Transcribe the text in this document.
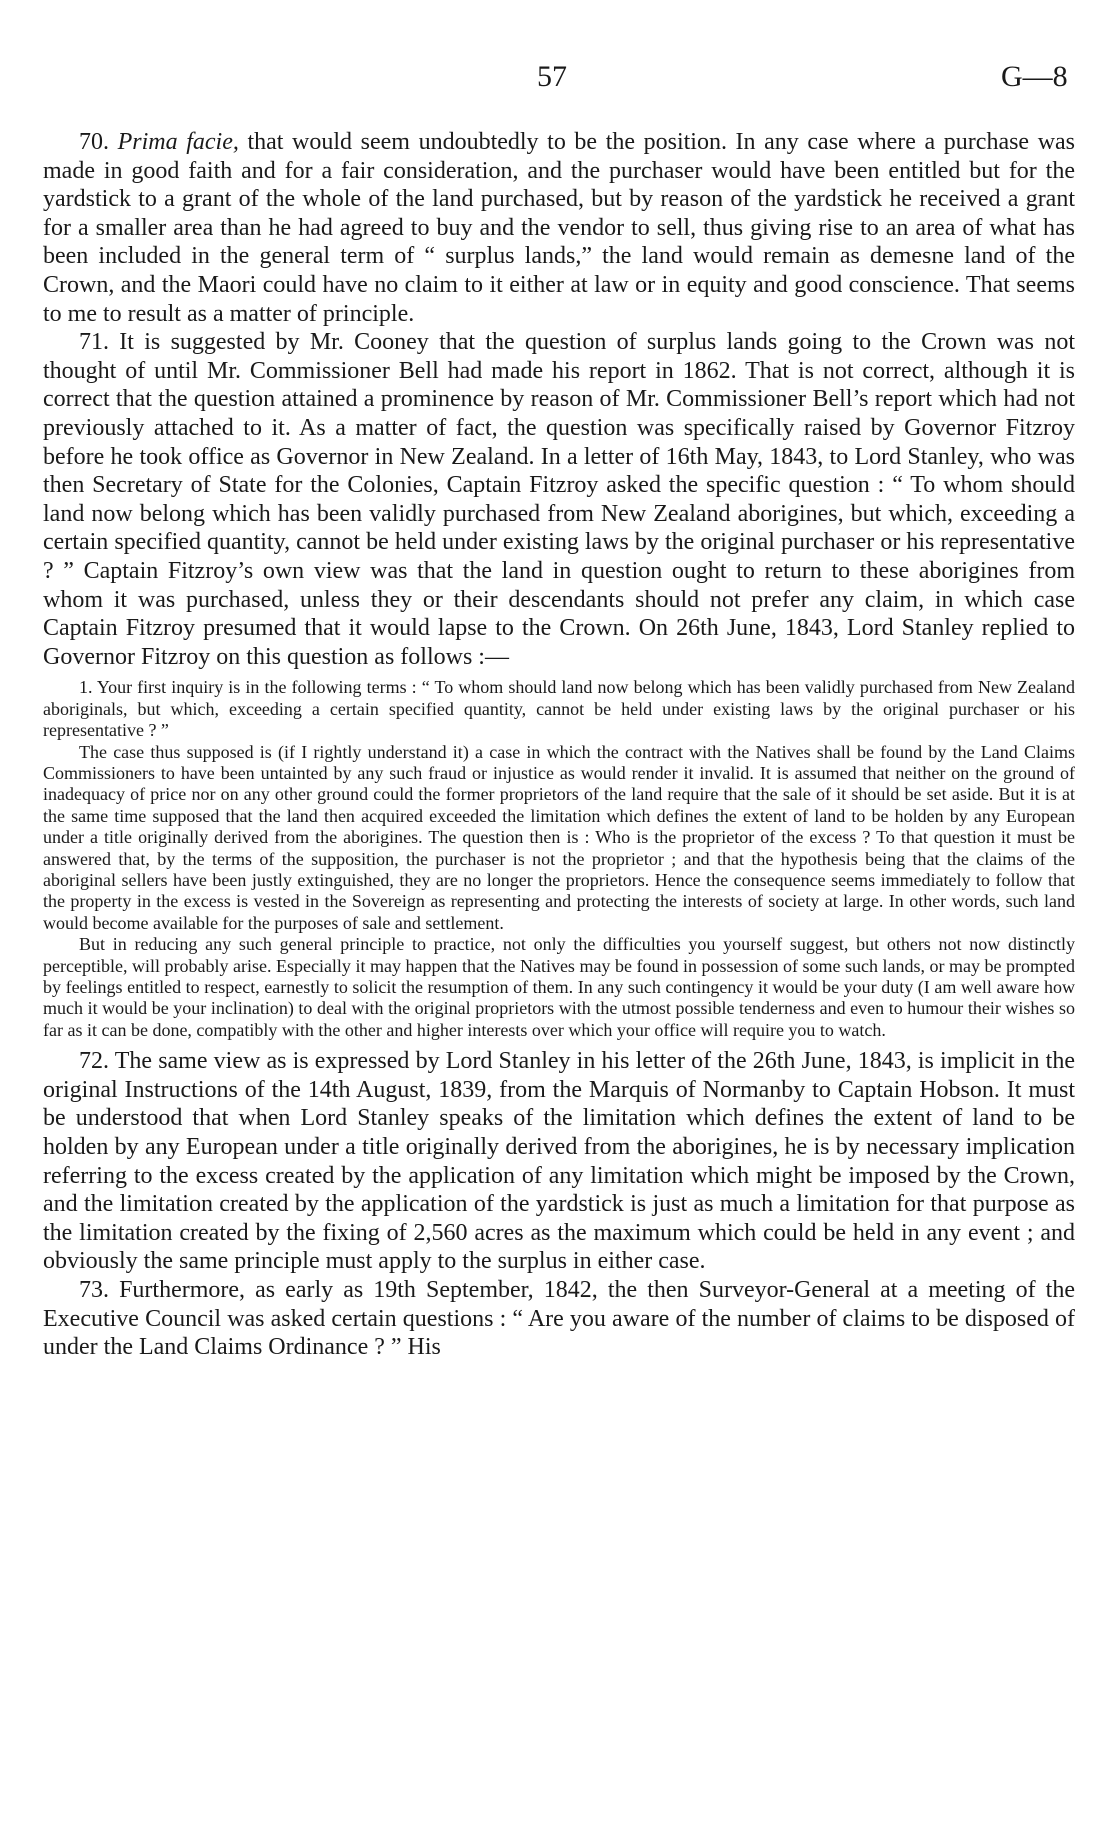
57	G—8

70. Prima facie, that would seem undoubtedly to be the position. In any case where a purchase was made in good faith and for a fair consideration, and the purchaser would have been entitled but for the yardstick to a grant of the whole of the land purchased, but by reason of the yardstick he received a grant for a smaller area than he had agreed to buy and the vendor to sell, thus giving rise to an area of what has been included in the general term of “ surplus lands,” the land would remain as demesne land of the Crown, and the Maori could have no claim to it either at law or in equity and good conscience. That seems to me to result as a matter of principle.

71. It is suggested by Mr. Cooney that the question of surplus lands going to the Crown was not thought of until Mr. Commissioner Bell had made his report in 1862. That is not correct, although it is correct that the question attained a prominence by reason of Mr. Commissioner Bell’s report which had not previously attached to it. As a matter of fact, the question was specifically raised by Governor Fitzroy before he took office as Governor in New Zealand. In a letter of 16th May, 1843, to Lord Stanley, who was then Secretary of State for the Colonies, Captain Fitzroy asked the specific question : “ To whom should land now belong which has been validly purchased from New Zealand aborigines, but which, exceeding a certain specified quantity, cannot be held under existing laws by the original purchaser or his representative ? ” Captain Fitzroy’s own view was that the land in question ought to return to these aborigines from whom it was purchased, unless they or their descendants should not prefer any claim, in which case Captain Fitzroy presumed that it would lapse to the Crown. On 26th June, 1843, Lord Stanley replied to Governor Fitzroy on this question as follows :—

1. Your first inquiry is in the following terms : “ To whom should land now belong which has been validly purchased from New Zealand aboriginals, but which, exceeding a certain specified quantity, cannot be held under existing laws by the original purchaser or his representative ? ”

The case thus supposed is (if I rightly understand it) a case in which the contract with the Natives shall be found by the Land Claims Commissioners to have been untainted by any such fraud or injustice as would render it invalid. It is assumed that neither on the ground of inadequacy of price nor on any other ground could the former proprietors of the land require that the sale of it should be set aside. But it is at the same time supposed that the land then acquired exceeded the limitation which defines the extent of land to be holden by any European under a title originally derived from the aborigines. The question then is : Who is the proprietor of the excess ? To that question it must be answered that, by the terms of the supposition, the purchaser is not the proprietor ; and that the hypothesis being that the claims of the aboriginal sellers have been justly extinguished, they are no longer the proprietors. Hence the consequence seems immediately to follow that the property in the excess is vested in the Sovereign as representing and protecting the interests of society at large. In other words, such land would become available for the purposes of sale and settlement.

But in reducing any such general principle to practice, not only the difficulties you yourself suggest, but others not now distinctly perceptible, will probably arise. Especially it may happen that the Natives may be found in possession of some such lands, or may be prompted by feelings entitled to respect, earnestly to solicit the resumption of them. In any such contingency it would be your duty (I am well aware how much it would be your inclination) to deal with the original proprietors with the utmost possible tenderness and even to humour their wishes so far as it can be done, compatibly with the other and higher interests over which your office will require you to watch.

72. The same view as is expressed by Lord Stanley in his letter of the 26th June, 1843, is implicit in the original Instructions of the 14th August, 1839, from the Marquis of Normanby to Captain Hobson. It must be understood that when Lord Stanley speaks of the limitation which defines the extent of land to be holden by any European under a title originally derived from the aborigines, he is by necessary implication referring to the excess created by the application of any limitation which might be imposed by the Crown, and the limitation created by the application of the yardstick is just as much a limitation for that purpose as the limitation created by the fixing of 2,560 acres as the maximum which could be held in any event ; and obviously the same principle must apply to the surplus in either case.

73. Furthermore, as early as 19th September, 1842, the then Surveyor-General at a meeting of the Executive Council was asked certain questions : “ Are you aware of the number of claims to be disposed of under the Land Claims Ordinance ? ” His
